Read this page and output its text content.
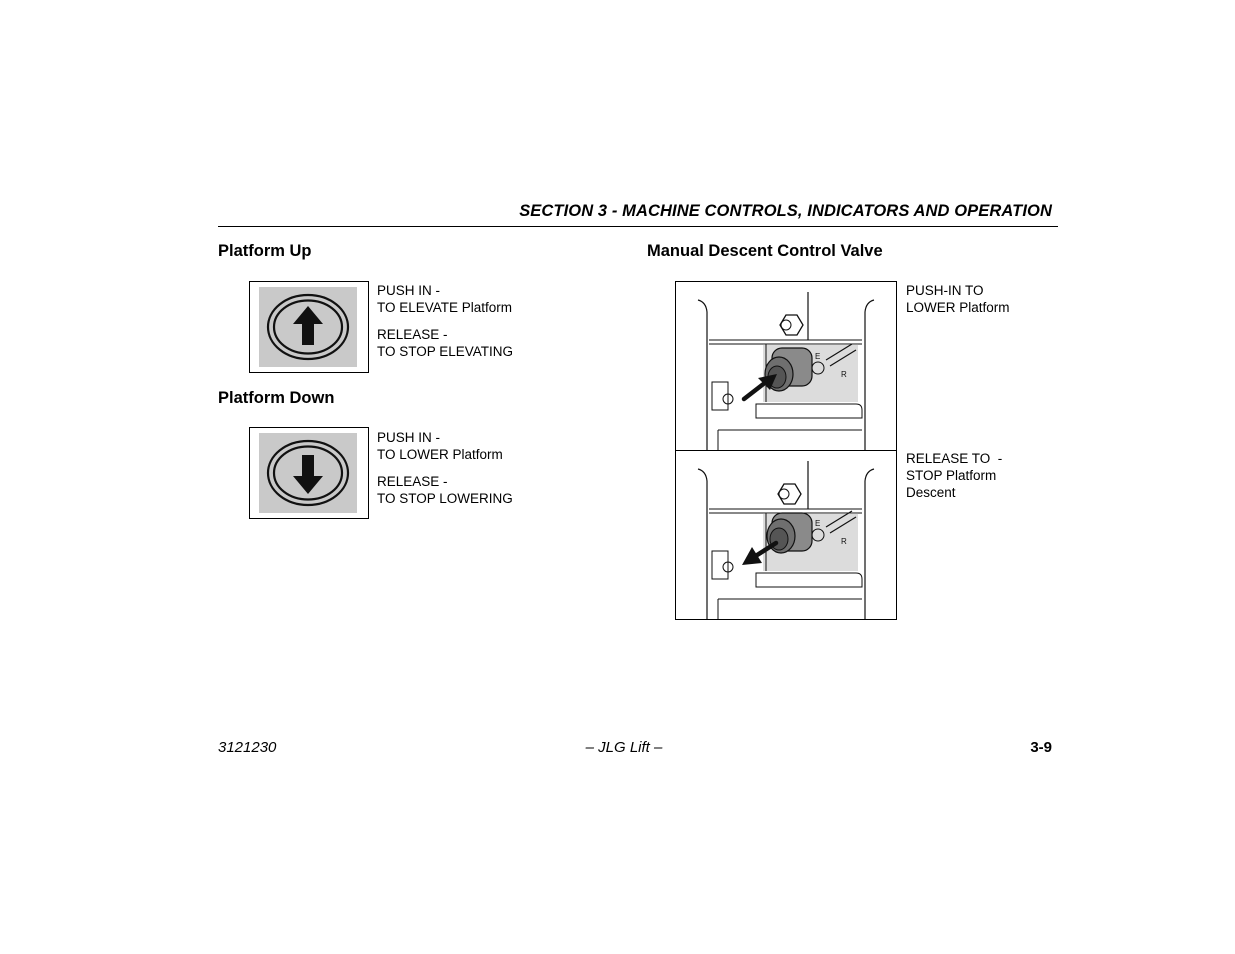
SECTION 3 - MACHINE CONTROLS, INDICATORS AND OPERATION
Platform Up

PUSH IN -
TO ELEVATE Platform

RELEASE -
TO STOP ELEVATING

Platform Down

PUSH IN -
TO LOWER Platform

RELEASE -
TO STOP LOWERING

Manual Descent Control Valve
E
R
E
R

PUSH-IN TO
LOWER Platform

RELEASE TO  -
STOP Platform
Descent

3121230	– JLG Lift –	3-9
